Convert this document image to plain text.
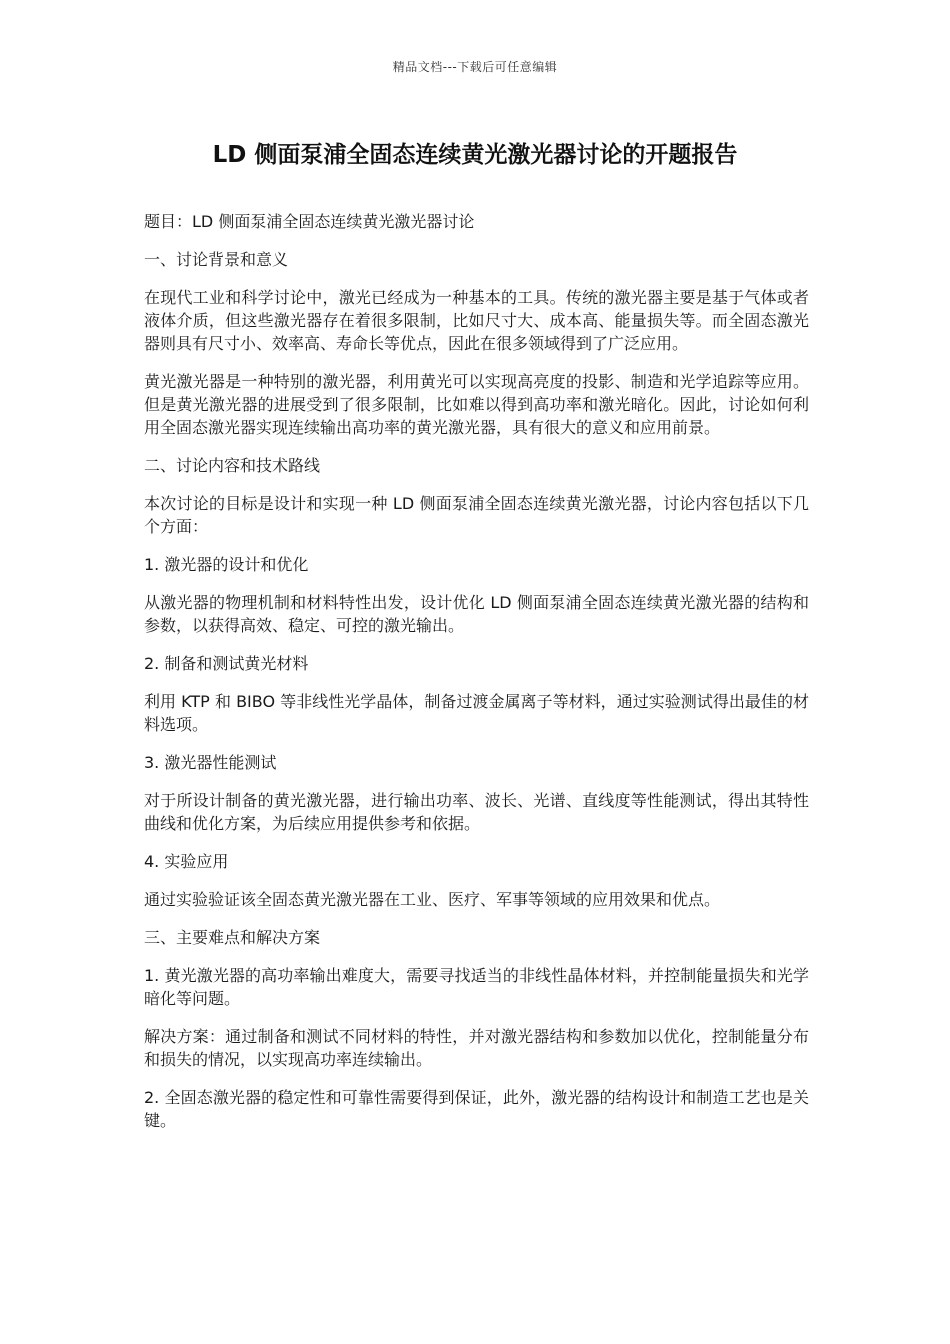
精品文档---下载后可任意编辑
LD 侧面泵浦全固态连续黄光激光器讨论的开题报告

题目：LD 侧面泵浦全固态连续黄光激光器讨论

一、讨论背景和意义

在现代工业和科学讨论中，激光已经成为一种基本的工具。传统的激光器主要是基于气体或者液体介质，但这些激光器存在着很多限制，比如尺寸大、成本高、能量损失等。而全固态激光器则具有尺寸小、效率高、寿命长等优点，因此在很多领域得到了广泛应用。

黄光激光器是一种特别的激光器，利用黄光可以实现高亮度的投影、制造和光学追踪等应用。但是黄光激光器的进展受到了很多限制，比如难以得到高功率和激光暗化。因此，讨论如何利用全固态激光器实现连续输出高功率的黄光激光器，具有很大的意义和应用前景。

二、讨论内容和技术路线

本次讨论的目标是设计和实现一种 LD 侧面泵浦全固态连续黄光激光器，讨论内容包括以下几个方面：

1. 激光器的设计和优化

从激光器的物理机制和材料特性出发，设计优化 LD 侧面泵浦全固态连续黄光激光器的结构和参数，以获得高效、稳定、可控的激光输出。

2. 制备和测试黄光材料

利用 KTP 和 BIBO 等非线性光学晶体，制备过渡金属离子等材料，通过实验测试得出最佳的材料选项。

3. 激光器性能测试

对于所设计制备的黄光激光器，进行输出功率、波长、光谱、直线度等性能测试，得出其特性曲线和优化方案，为后续应用提供参考和依据。

4. 实验应用

通过实验验证该全固态黄光激光器在工业、医疗、军事等领域的应用效果和优点。

三、主要难点和解决方案

1. 黄光激光器的高功率输出难度大，需要寻找适当的非线性晶体材料，并控制能量损失和光学暗化等问题。

解决方案：通过制备和测试不同材料的特性，并对激光器结构和参数加以优化，控制能量分布和损失的情况，以实现高功率连续输出。

2. 全固态激光器的稳定性和可靠性需要得到保证，此外，激光器的结构设计和制造工艺也是关键。
